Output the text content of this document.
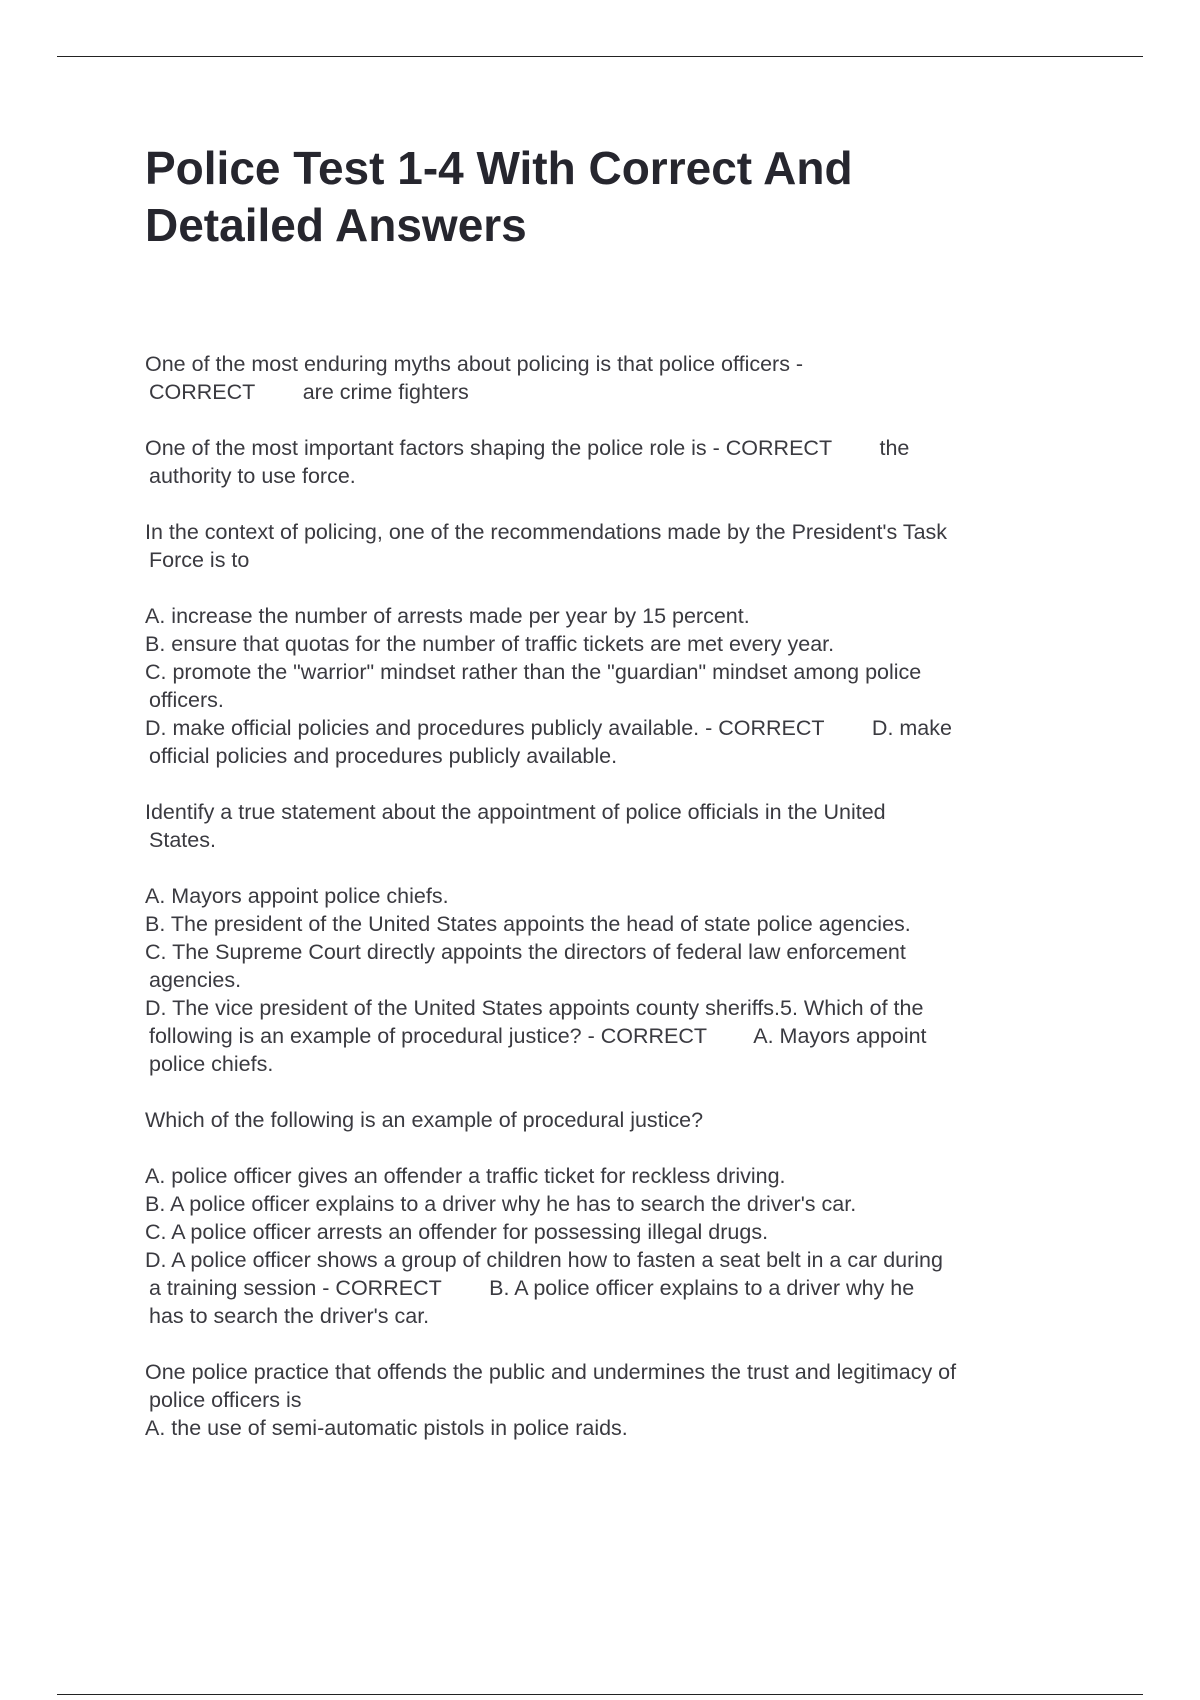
Police Test 1-4 With Correct And
Detailed Answers
One of the most enduring myths about policing is that police officers -
CORRECT        are crime fighters
One of the most important factors shaping the police role is - CORRECT        the
authority to use force.
In the context of policing, one of the recommendations made by the President's Task
Force is to
A. increase the number of arrests made per year by 15 percent.
B. ensure that quotas for the number of traffic tickets are met every year.
C. promote the "warrior" mindset rather than the "guardian" mindset among police
officers.
D. make official policies and procedures publicly available. - CORRECT        D. make
official policies and procedures publicly available.
Identify a true statement about the appointment of police officials in the United
States.
A. Mayors appoint police chiefs.
B. The president of the United States appoints the head of state police agencies.
C. The Supreme Court directly appoints the directors of federal law enforcement
agencies.
D. The vice president of the United States appoints county sheriffs.5. Which of the
following is an example of procedural justice? - CORRECT        A. Mayors appoint
police chiefs.
Which of the following is an example of procedural justice?
A. police officer gives an offender a traffic ticket for reckless driving.
B. A police officer explains to a driver why he has to search the driver's car.
C. A police officer arrests an offender for possessing illegal drugs.
D. A police officer shows a group of children how to fasten a seat belt in a car during
a training session - CORRECT        B. A police officer explains to a driver why he
has to search the driver's car.
One police practice that offends the public and undermines the trust and legitimacy of
police officers is
A. the use of semi-automatic pistols in police raids.
